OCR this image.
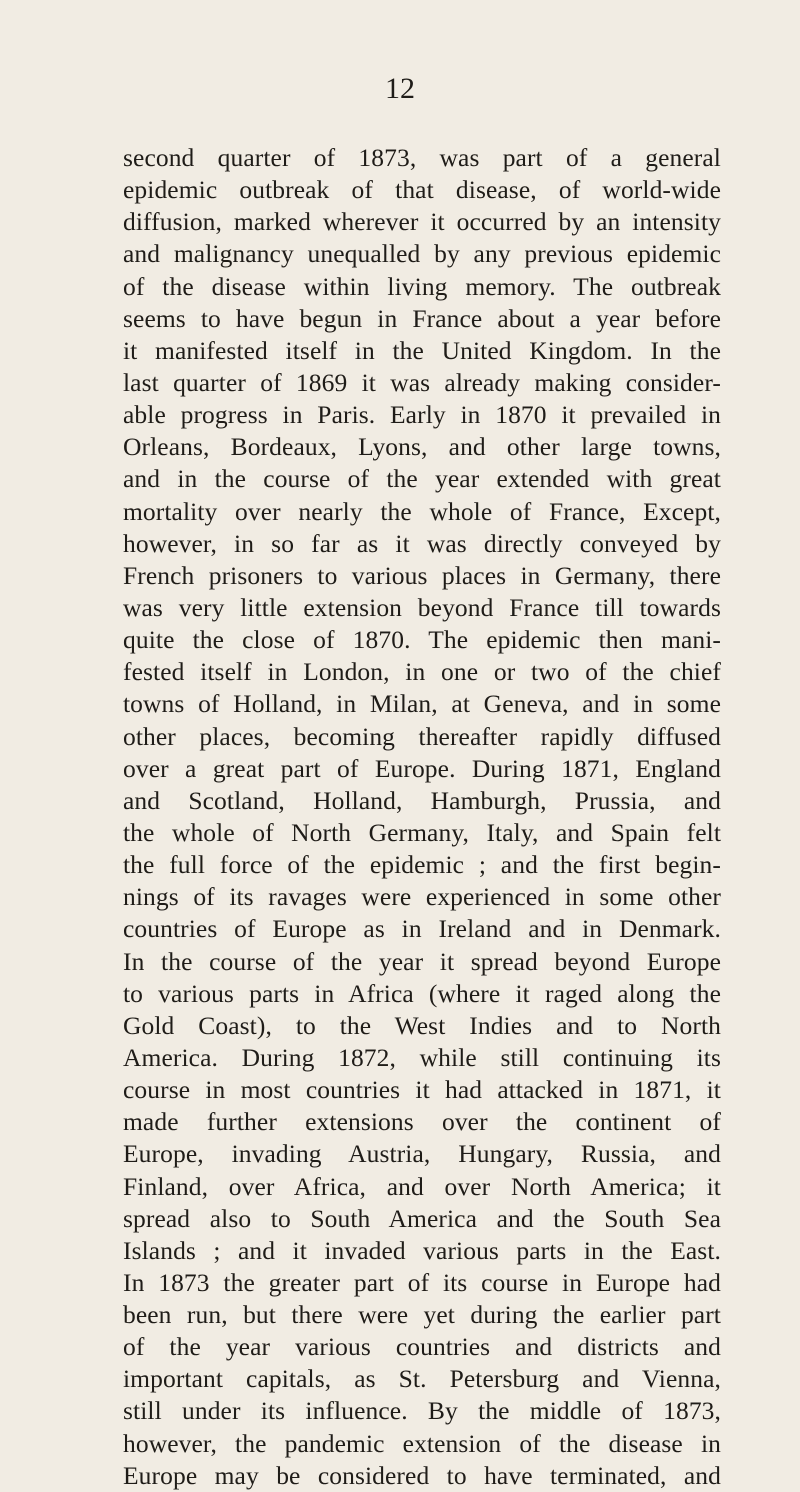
12
second quarter of 1873, was part of a general
epidemic outbreak of that disease, of world-wide
diffusion, marked wherever it occurred by an intensity
and malignancy unequalled by any previous epidemic
of the disease within living memory. The outbreak
seems to have begun in France about a year before
it manifested itself in the United Kingdom. In the
last quarter of 1869 it was already making consider-
able progress in Paris. Early in 1870 it prevailed in
Orleans, Bordeaux, Lyons, and other large towns,
and in the course of the year extended with great
mortality over nearly the whole of France, Except,
however, in so far as it was directly conveyed by
French prisoners to various places in Germany, there
was very little extension beyond France till towards
quite the close of 1870. The epidemic then mani-
fested itself in London, in one or two of the chief
towns of Holland, in Milan, at Geneva, and in some
other places, becoming thereafter rapidly diffused
over a great part of Europe. During 1871, England
and Scotland, Holland, Hamburgh, Prussia, and
the whole of North Germany, Italy, and Spain felt
the full force of the epidemic ; and the first begin-
nings of its ravages were experienced in some other
countries of Europe as in Ireland and in Denmark.
In the course of the year it spread beyond Europe
to various parts in Africa (where it raged along the
Gold Coast), to the West Indies and to North
America. During 1872, while still continuing its
course in most countries it had attacked in 1871, it
made further extensions over the continent of
Europe, invading Austria, Hungary, Russia, and
Finland, over Africa, and over North America; it
spread also to South America and the South Sea
Islands ; and it invaded various parts in the East.
In 1873 the greater part of its course in Europe had
been run, but there were yet during the earlier part
of the year various countries and districts and
important capitals, as St. Petersburg and Vienna,
still under its influence. By the middle of 1873,
however, the pandemic extension of the disease in
Europe may be considered to have terminated, and
